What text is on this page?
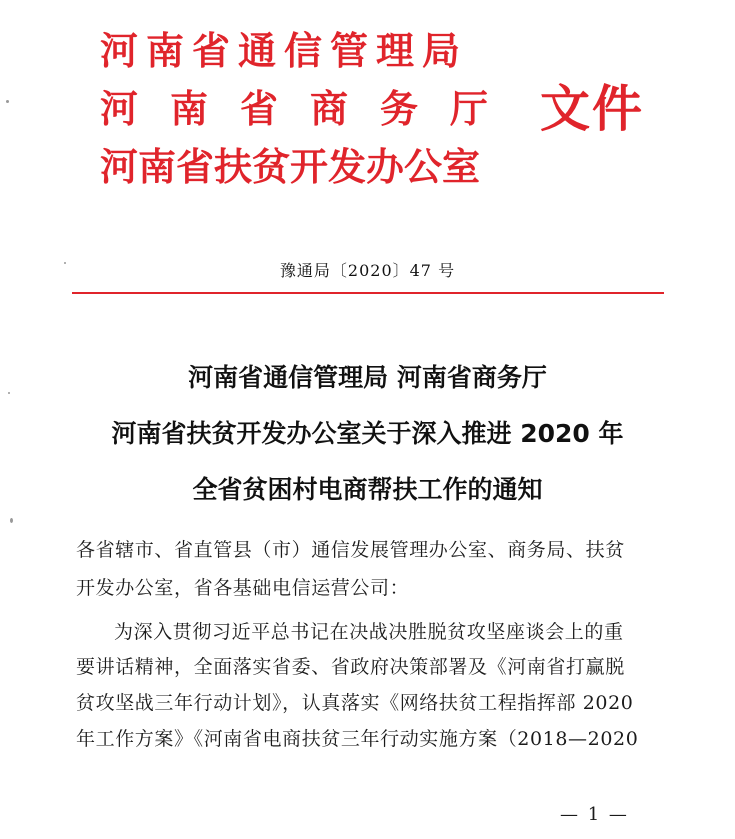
河南省通信管理局
河南省商务厅
河南省扶贫开发办公室
文件
豫通局〔2020〕47 号
河南省通信管理局 河南省商务厅
河南省扶贫开发办公室关于深入推进 2020 年
全省贫困村电商帮扶工作的通知
各省辖市、省直管县（市）通信发展管理办公室、商务局、扶贫
开发办公室，省各基础电信运营公司：
为深入贯彻习近平总书记在决战决胜脱贫攻坚座谈会上的重
要讲话精神，全面落实省委、省政府决策部署及《河南省打赢脱
贫攻坚战三年行动计划》，认真落实《网络扶贫工程指挥部 2020
年工作方案》《河南省电商扶贫三年行动实施方案（2018—2020
— 1 —
